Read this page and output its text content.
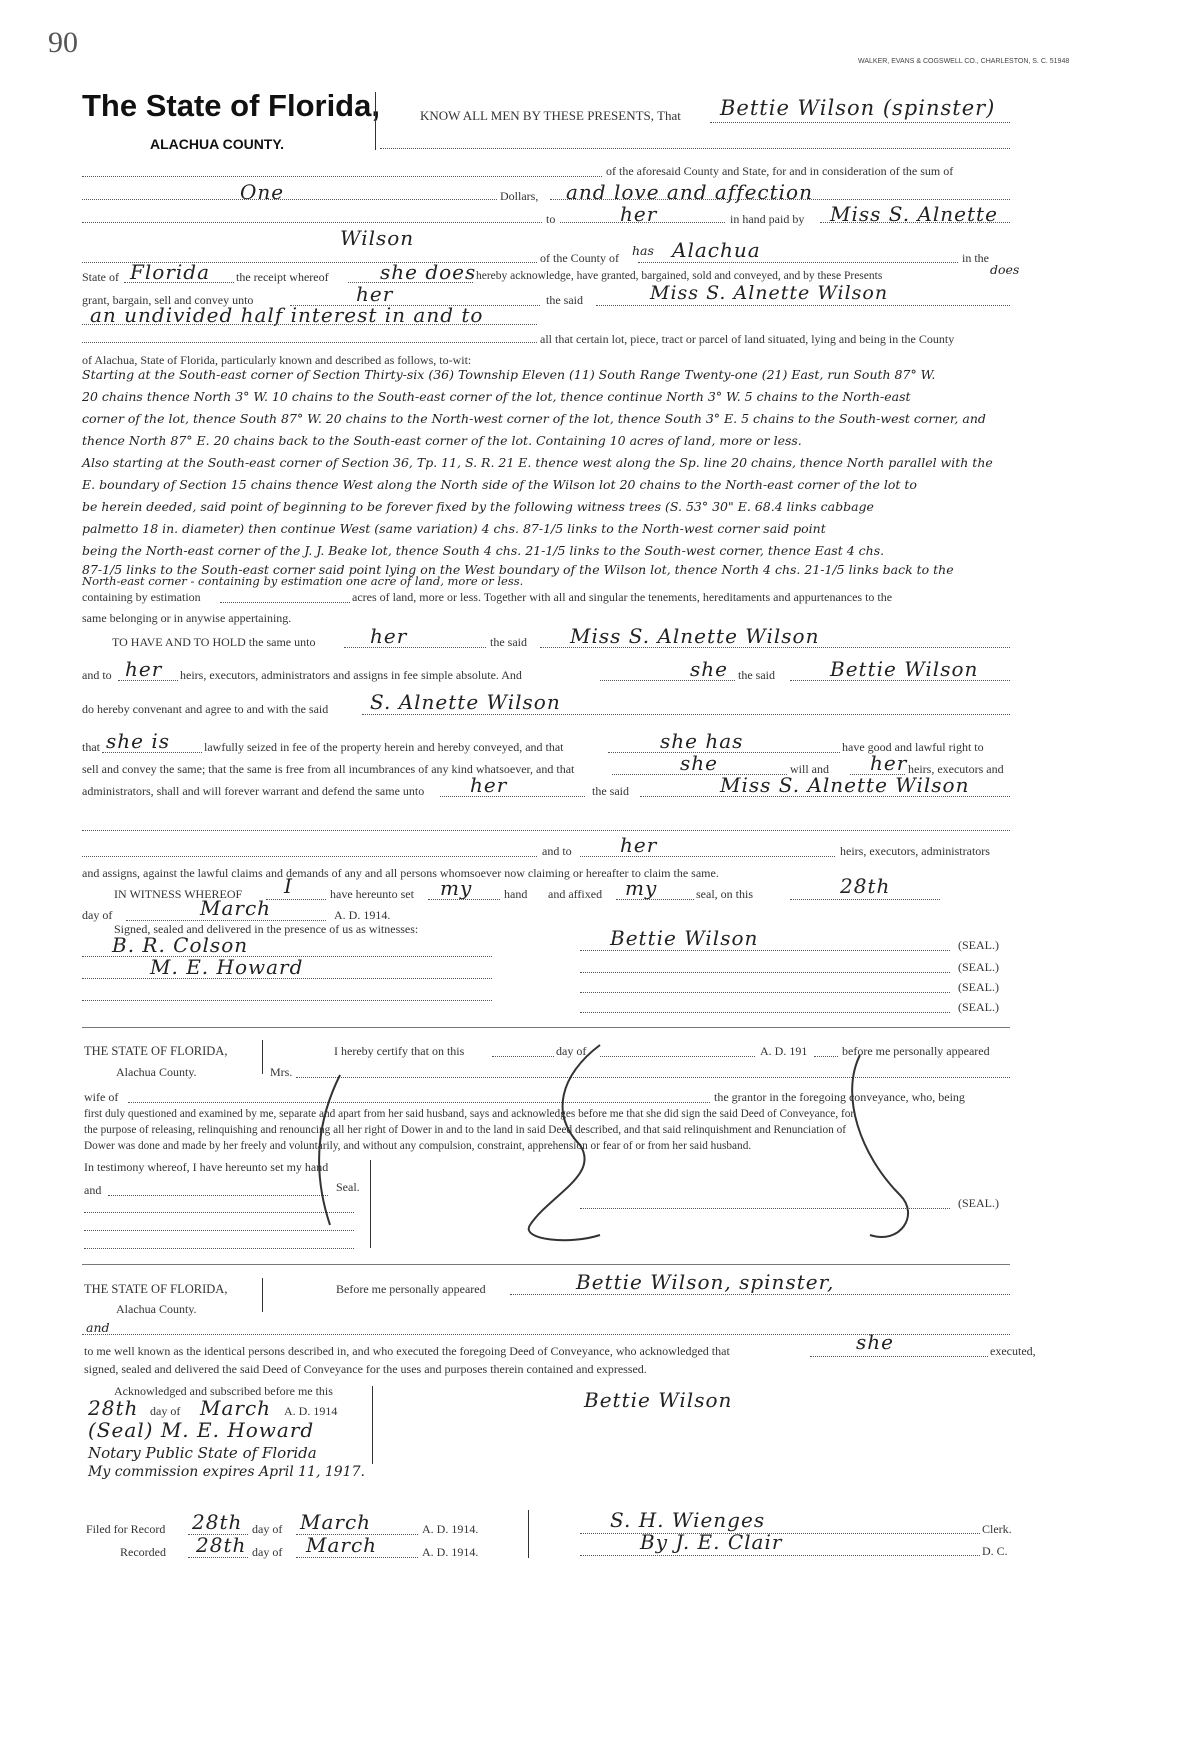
90
WALKER, EVANS & COGSWELL CO., CHARLESTON, S. C. 51948
The State of Florida,
ALACHUA COUNTY.
KNOW ALL MEN BY THESE PRESENTS, That Bettie Wilson (spinster)
of the aforesaid County and State, for and in consideration of the sum of
One	Dollars, and love and affection
to	her	in hand paid by Miss S. Alnette
Wilson
of the County of has Alachua	in the
does
State of Florida the receipt whereof	she does hereby acknowledge, have granted, bargained, sold and conveyed, and by these Presents
grant, bargain, sell and convey unto	her	the said	Miss S. Alnette Wilson
an undivided half interest in and to
all that certain lot, piece, tract or parcel of land situated, lying and being in the County
of Alachua, State of Florida, particularly known and described as follows, to-wit:
Starting at the South-east corner of Section Thirty-six (36) Township Eleven (11) South Range Twenty-one (21) East, run South 87° W.
20 chains thence North 3° W. 10 chains to the South-east corner of the lot, thence continue North 3° W. 5 chains to the North-east
corner of the lot, thence South 87° W. 20 chains to the North-west corner of the lot, thence South 3° E. 5 chains to the South-west corner, and
thence North 87° E. 20 chains back to the South-east corner of the lot. Containing 10 acres of land, more or less.
Also starting at the South-east corner of Section 36, Tp. 11, S. R. 21 E. thence west along the Sp. line 20 chains, thence North parallel with the
E. boundary of Section 15 chains thence West along the North side of the Wilson lot 20 chains to the North-east corner of the lot to
be herein deeded, said point of beginning to be forever fixed by the following witness trees (S. 53° 30" E. 68.4 links cabbage
palmetto 18 in. diameter) then continue West (same variation) 4 chs. 87-1/5 links to the North-west corner said point
being the North-east corner of the J. J. Beake lot, thence South 4 chs. 21-1/5 links to the South-west corner, thence East 4 chs.
87-1/5 links to the South-east corner said point lying on the West boundary of the Wilson lot, thence North 4 chs. 21-1/5 links back to the
North-east corner - containing by estimation one acre of land, more or less.
containing by estimation	acres of land, more or less. Together with all and singular the tenements, hereditaments and appurtenances to the
same belonging or in anywise appertaining.
TO HAVE AND TO HOLD the same unto	her	the said Miss S. Alnette Wilson
and to her heirs, executors, administrators and assigns in fee simple absolute. And	she the said	Bettie Wilson
do hereby convenant and agree to and with the said S. Alnette Wilson
that she is	lawfully seized in fee of the property herein and hereby conveyed, and that	she has	have good and lawful right to
sell and convey the same; that the same is free from all incumbrances of any kind whatsoever, and that	she	will and her heirs, executors and
administrators, shall and will forever warrant and defend the same unto her	the said	Miss S. Alnette Wilson
and to her	heirs, executors, administrators
and assigns, against the lawful claims and demands of any and all persons whomsoever now claiming or hereafter to claim the same.
IN WITNESS WHEREOF I	have hereunto set my	hand and affixed my	seal, on this	28th
day of	March	A. D. 1914.
Signed, sealed and delivered in the presence of us as witnesses:
B. R. Colson
M. E. Howard
Bettie Wilson	(SEAL.)
(SEAL.)
(SEAL.)
(SEAL.)
THE STATE OF FLORIDA,
Alachua County.	Mrs.
I hereby certify that on this	day of	A. D. 191	before me personally appeared
wife of	the grantor in the foregoing conveyance, who, being
first duly questioned and examined by me, separate and apart from her said husband, says and acknowledges before me that she did sign the said Deed of Conveyance, for
the purpose of releasing, relinquishing and renouncing all her right of Dower in and to the land in said Deed described, and that said relinquishment and Renunciation of
Dower was done and made by her freely and voluntarily, and without any compulsion, constraint, apprehension or fear of or from her said husband.
In testimony whereof, I have hereunto set my hand
and	Seal.
(SEAL.)
THE STATE OF FLORIDA,
Alachua County.
Before me personally appeared	Bettie Wilson, spinster,
and
to me well known as the identical persons described in, and who executed the foregoing Deed of Conveyance, who acknowledged that	she	executed,
signed, sealed and delivered the said Deed of Conveyance for the uses and purposes therein contained and expressed.
Acknowledged and subscribed before me this
28th day of March A. D. 1914
(Seal) M. E. Howard
Notary Public State of Florida
My commission expires April 11, 1917.
Bettie Wilson
Filed for Record 28th day of March	A. D. 1914.
Recorded 28th day of March	A. D. 1914.
S. H. Wienges	Clerk.
By J. E. Clair	D. C.
